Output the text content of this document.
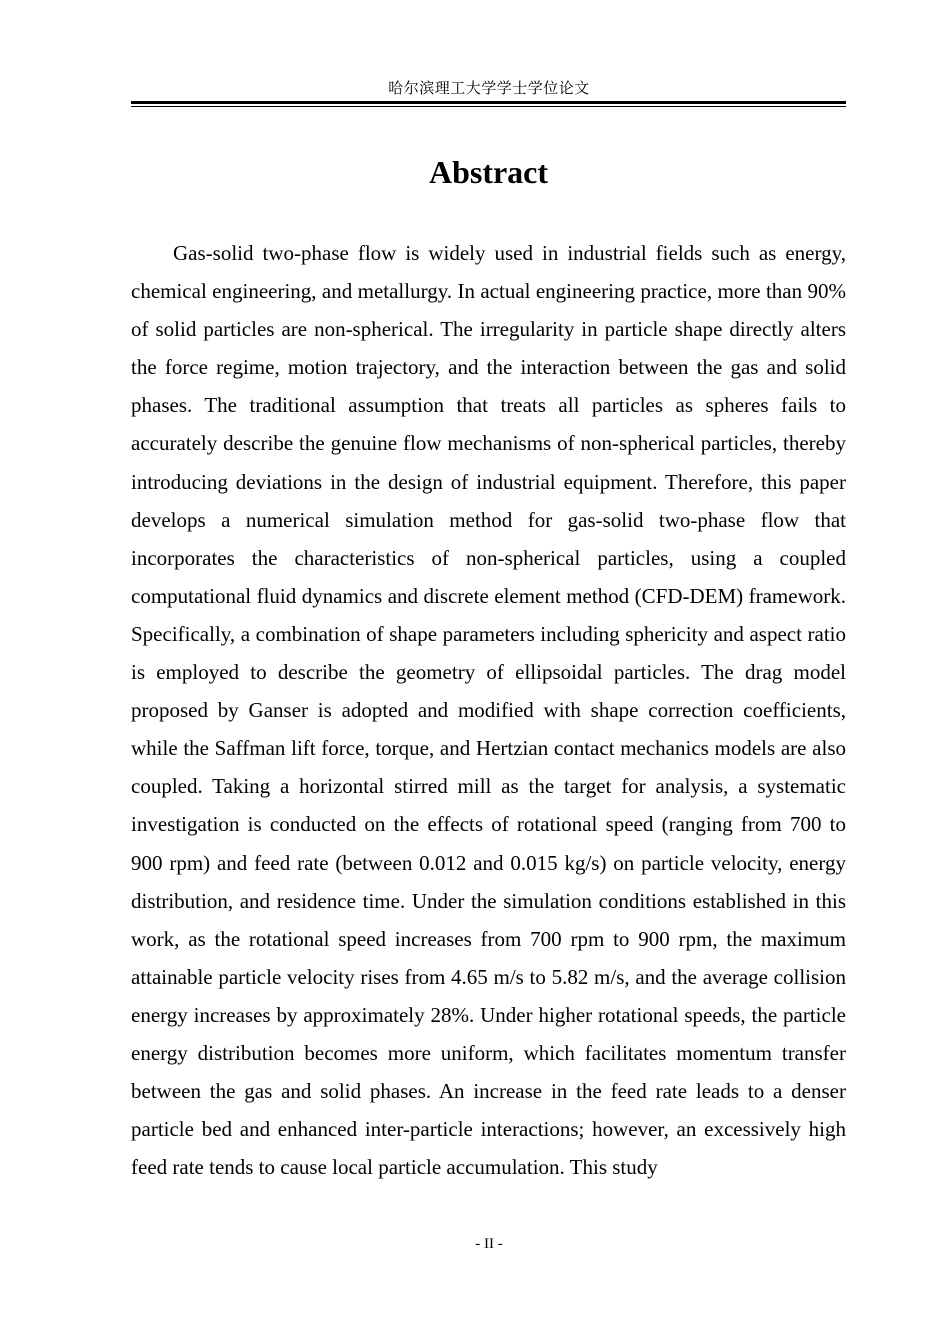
哈尔滨理工大学学士学位论文
Abstract

Gas-solid two-phase flow is widely used in industrial fields such as energy, chemical engineering, and metallurgy. In actual engineering practice, more than 90% of solid particles are non-spherical. The irregularity in particle shape directly alters the force regime, motion trajectory, and the interaction between the gas and solid phases. The traditional assumption that treats all particles as spheres fails to accurately describe the genuine flow mechanisms of non-spherical particles, thereby introducing deviations in the design of industrial equipment. Therefore, this paper develops a numerical simulation method for gas-solid two-phase flow that incorporates the characteristics of non-spherical particles, using a coupled computational fluid dynamics and discrete element method (CFD-DEM) framework. Specifically, a combination of shape parameters including sphericity and aspect ratio is employed to describe the geometry of ellipsoidal particles. The drag model proposed by Ganser is adopted and modified with shape correction coefficients, while the Saffman lift force, torque, and Hertzian contact mechanics models are also coupled. Taking a horizontal stirred mill as the target for analysis, a systematic investigation is conducted on the effects of rotational speed (ranging from 700 to 900 rpm) and feed rate (between 0.012 and 0.015 kg/s) on particle velocity, energy distribution, and residence time. Under the simulation conditions established in this work, as the rotational speed increases from 700 rpm to 900 rpm, the maximum attainable particle velocity rises from 4.65 m/s to 5.82 m/s, and the average collision energy increases by approximately 28%. Under higher rotational speeds, the particle energy distribution becomes more uniform, which facilitates momentum transfer between the gas and solid phases. An increase in the feed rate leads to a denser particle bed and enhanced inter-particle interactions; however, an excessively high feed rate tends to cause local particle accumulation. This study

- II -
